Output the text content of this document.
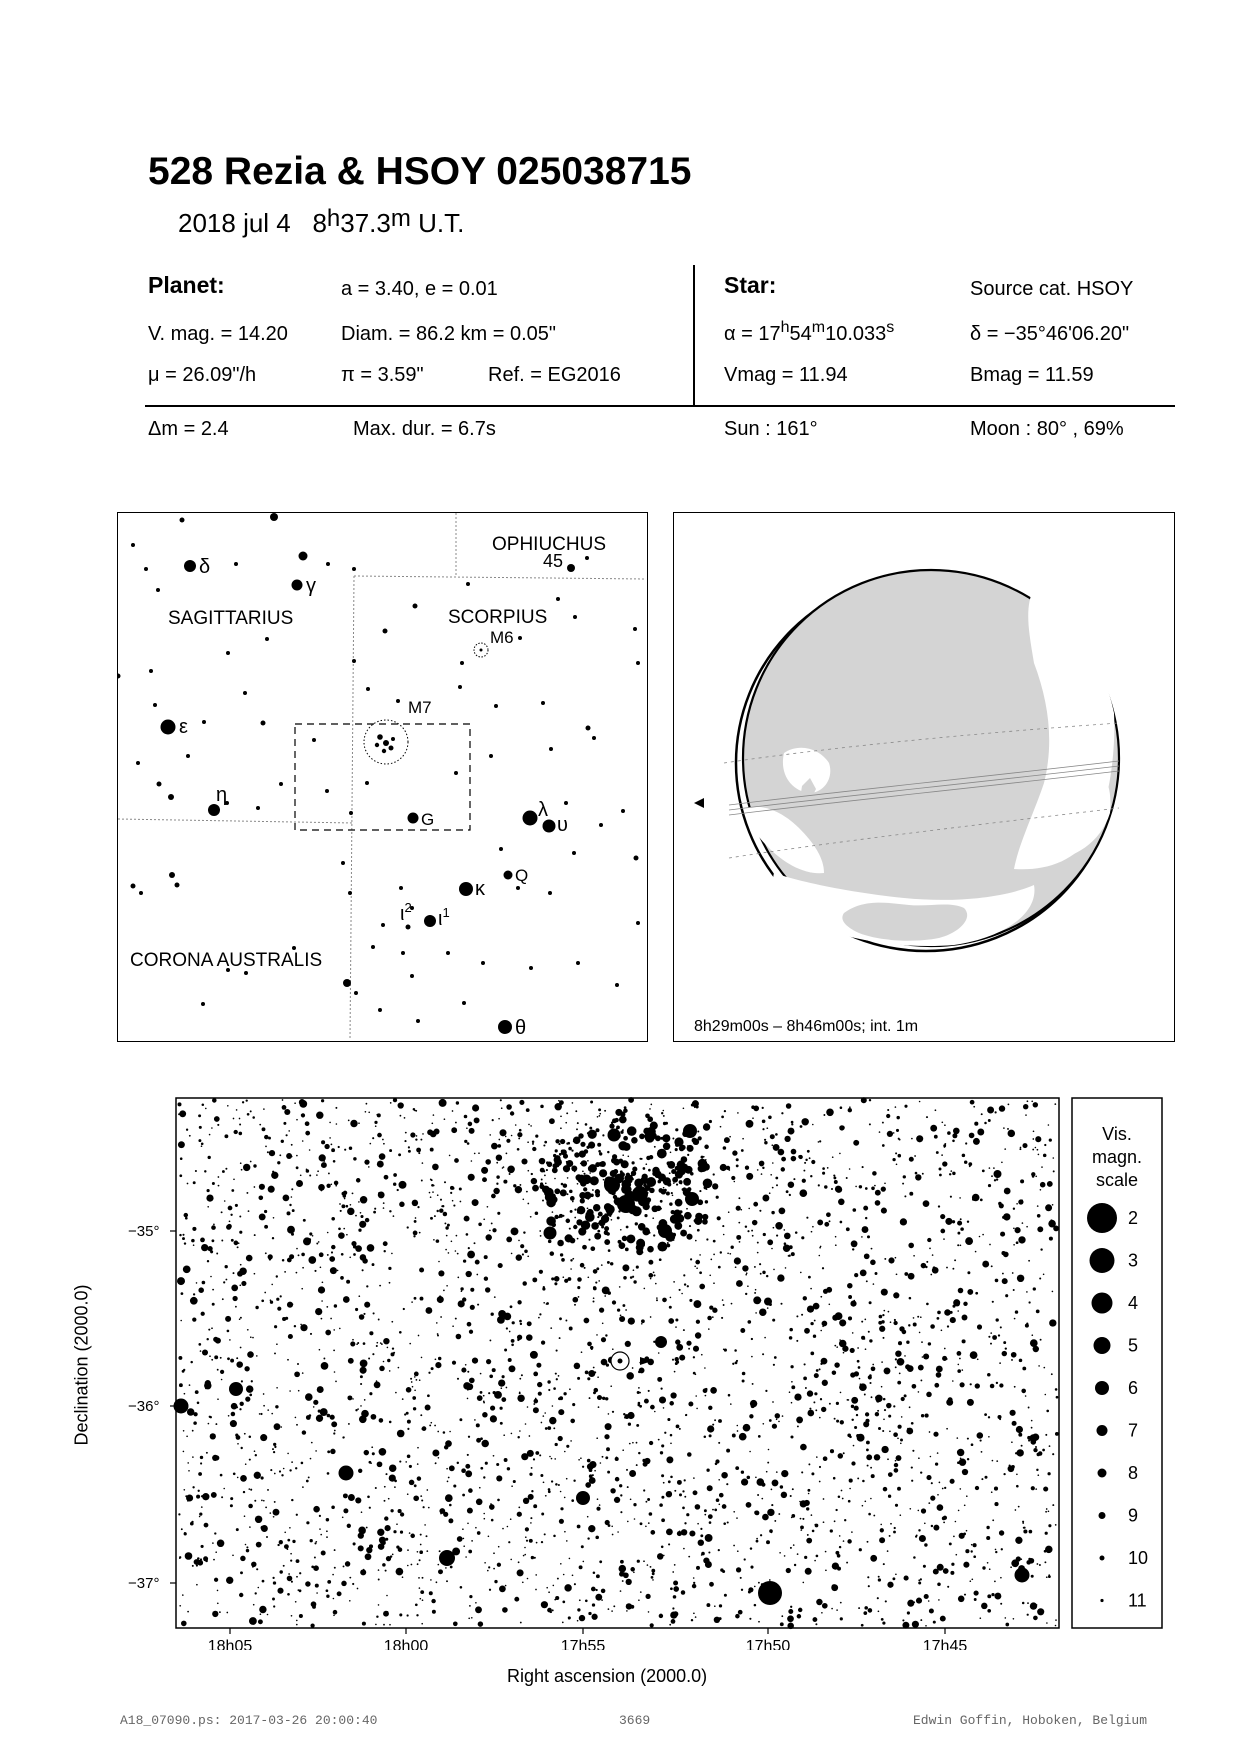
528 Rezia & HSOY 025038715
2018 jul 4 8$^h$37.3$^m$ U.T.
Planet:	a = 3.40, e = 0.01
V. mag. = 14.20	Diam. = 86.2 km = 0.05"
μ = 26.09"/h	π = 3.59"	Ref. = EG2016
Star:	Source cat. HSOY
$\alpha = 17^h54^m10.033^s$	δ = −35°46'06.20"
Vmag = 11.94	Bmag = 11.59
Δm = 2.4	Max. dur. = 6.7s	Sun : 161°	Moon : 80° , 69%
OPHIUCHUS
45
SAGITTARIUS	SCORPIUS
CORONA AUSTRALIS
δ
γ
ε
η
M6
M7
G	λ
υ
Q
κ
$\iota^2$
$\iota^1$
θ	8h29m00s – 8h46m00s; int. 1m
−35°
−36°
−37°
18h05	18h00	17h55	17h50	17h45
Vis.
magn.
scale
2
3
4
5
6
7
8
9
10
11
Declination (2000.0)
Right ascension (2000.0)
A18_07090.ps: 2017-03-26 20:00:40	3669	Edwin Goffin, Hoboken, Belgium
